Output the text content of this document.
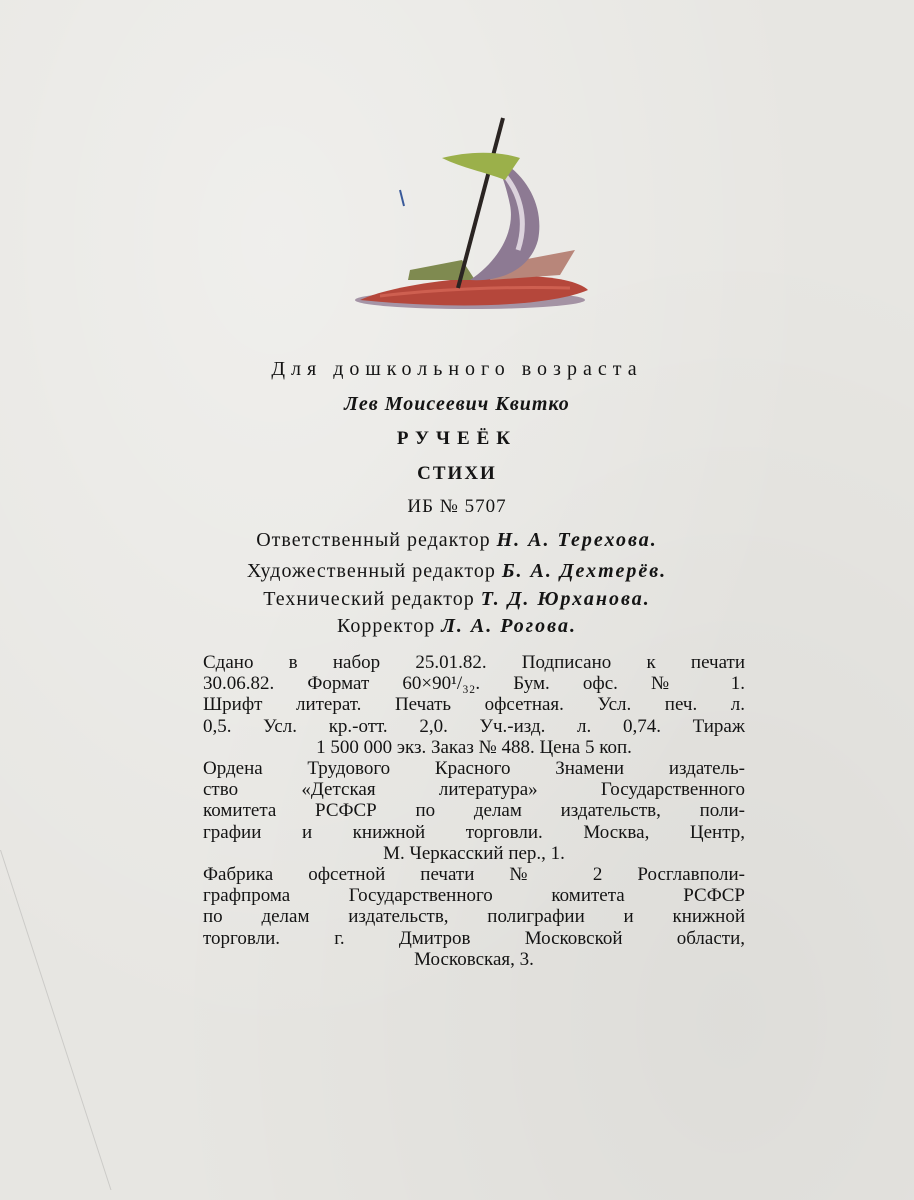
Для дошкольного возраста
Лев Моисеевич Квитко
РУЧЕЁК
СТИХИ
ИБ № 5707
Ответственный редактор Н. А. Терехова.
Художественный редактор Б. А. Дехтерёв.
Технический редактор Т. Д. Юрханова.
Корректор Л. А. Рогова.
Сдано в набор 25.01.82. Подписано к печати
30.06.82. Формат 60×90¹/₃₂. Бум. офс. № 1.
Шрифт литерат. Печать офсетная. Усл. печ. л.
0,5. Усл. кр.-отт. 2,0. Уч.-изд. л. 0,74. Тираж
1 500 000 экз. Заказ № 488. Цена 5 коп.
Ордена Трудового Красного Знамени издатель-
ство «Детская литература» Государственного
комитета РСФСР по делам издательств, поли-
графии и книжной торговли. Москва, Центр,
М. Черкасский пер., 1.
Фабрика офсетной печати № 2 Росглавполи-
графпрома Государственного комитета РСФСР
по делам издательств, полиграфии и книжной
торговли. г. Дмитров Московской области,
Московская, 3.
